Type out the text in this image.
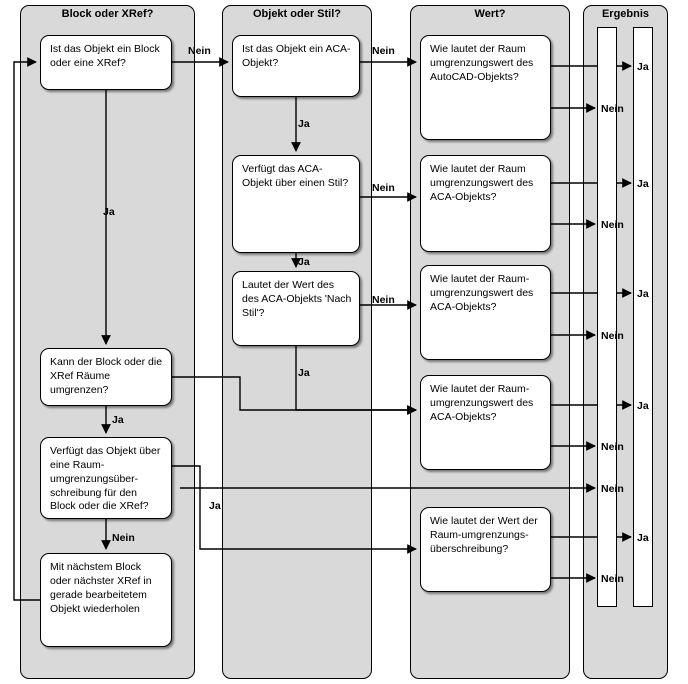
Block oder XRef?	Objekt oder Stil?	Wert?	Ergebnis
Ist das Objekt ein Block oder eine XRef?
Kann der Block oder die XRef Räume umgrenzen?
Verfügt das Objekt über eine Raum-umgrenzungsüber-schreibung für den Block oder die XRef?
Mit nächstem Block oder nächster XRef in gerade bearbeitetem Objekt wiederholen
Ist das Objekt ein ACA-Objekt?
Verfügt das ACA-Objekt über einen Stil?
Lautet der Wert des des ACA-Objekts 'Nach Stil'?
Wie lautet der Raum umgrenzungswert des AutoCAD-Objekts?
Wie lautet der Raum umgrenzungswert des ACA-Objekts?
Wie lautet der Raum-umgrenzungswert des ACA-Objekts?
Wie lautet der Raum-umgrenzungswert des ACA-Objekts?
Wie lautet der Wert der Raum-umgrenzungs-überschreibung?
Nein
Ja
Ja
Nein
Ja
Nein
Ja
Nein
Ja
Nein
Ja
Ja
Nein
Ja
Nein
Ja
Nein
Ja
Nein
Nein
Ja
Nein
